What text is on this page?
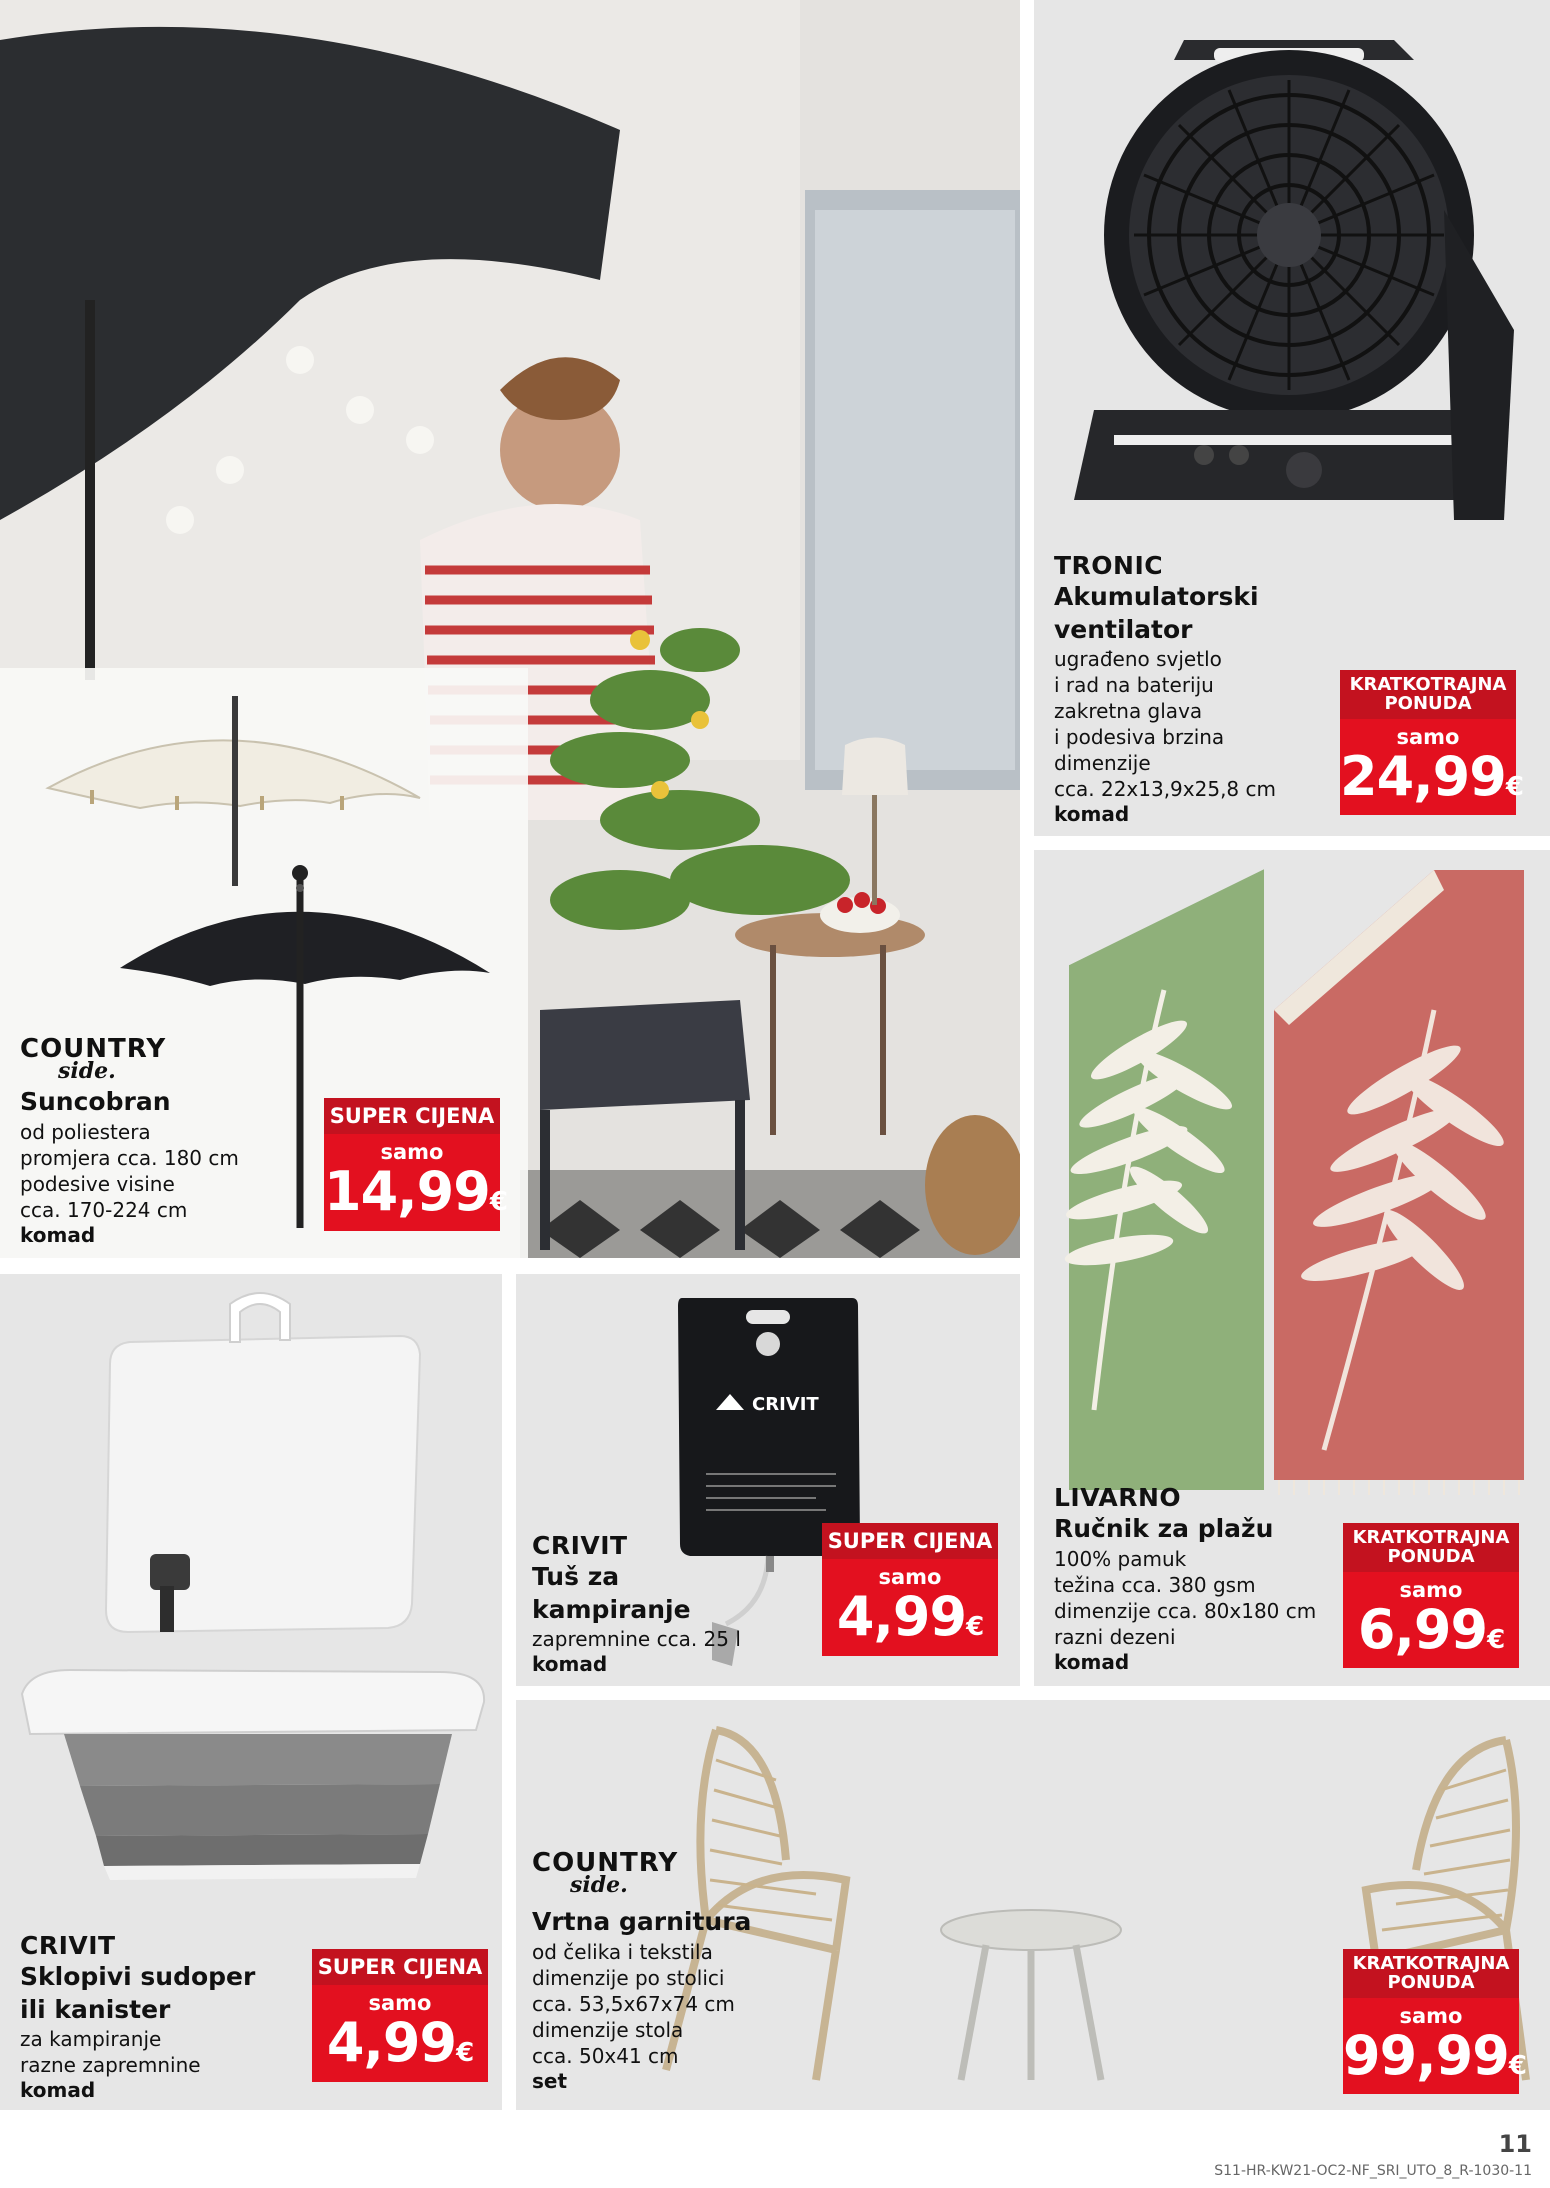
COUNTRY
side.
Suncobran
od poliestera
promjera cca. 180 cm
podesive visine
cca. 170-224 cm
komad
SUPER CIJENA
samo
14,99€
TRONIC
Akumulatorski
ventilator
ugrađeno svjetlo
i rad na bateriju
zakretna glava
i podesiva brzina
dimenzije
cca. 22x13,9x25,8 cm
komad
KRATKOTRAJNA
PONUDA
samo
24,99€
LIVARNO
Ručnik za plažu
100% pamuk
težina cca. 380 gsm
dimenzije cca. 80x180 cm
razni dezeni
komad
KRATKOTRAJNA
PONUDA
samo
6,99€
CRIVIT
CRIVIT
Tuš za
kampiranje
zapremnine cca. 25 l
komad
SUPER CIJENA
samo
4,99€
CRIVIT
Sklopivi sudoper
ili kanister
za kampiranje
razne zapremnine
komad
SUPER CIJENA
samo
4,99€
COUNTRY
side.
Vrtna garnitura
od čelika i tekstila
dimenzije po stolici
cca. 53,5x67x74 cm
dimenzije stola
cca. 50x41 cm
set
KRATKOTRAJNA
PONUDA
samo
99,99€
11
S11-HR-KW21-OC2-NF_SRI_UTO_8_R-1030-11
